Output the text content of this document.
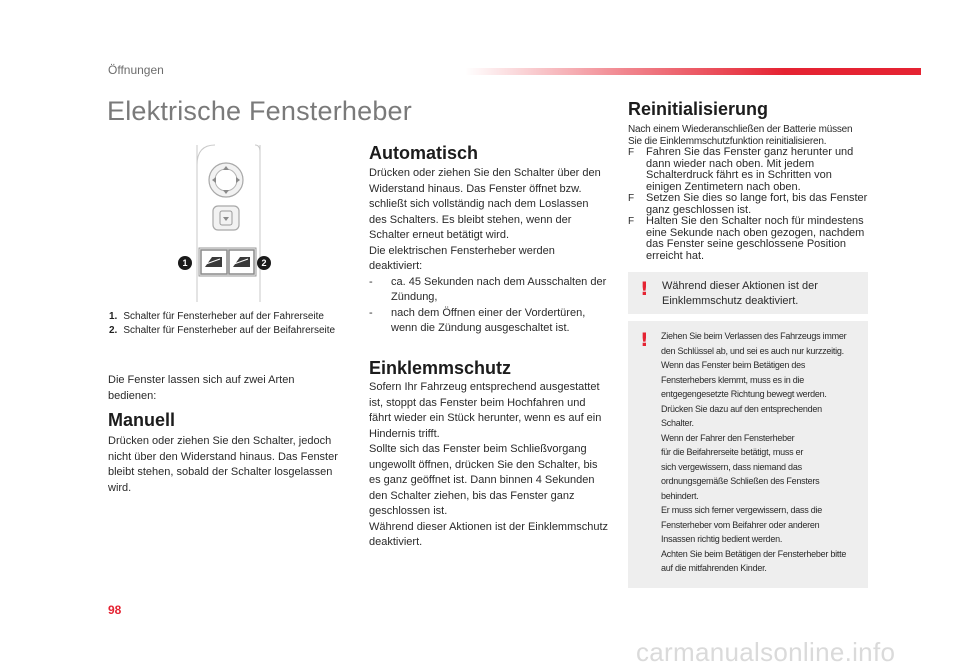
Öffnungen
Elektrische Fensterheber
1	2
1. Schalter für Fensterheber auf der Fahrerseite
2. Schalter für Fensterheber auf der Beifahrerseite
Die Fenster lassen sich auf zwei Arten bedienen:
Manuell
Drücken oder ziehen Sie den Schalter, jedoch nicht über den Widerstand hinaus. Das Fenster bleibt stehen, sobald der Schalter losgelassen wird.
Automatisch
Drücken oder ziehen Sie den Schalter über den Widerstand hinaus. Das Fenster öffnet bzw. schließt sich vollständig nach dem Loslassen des Schalters. Es bleibt stehen, wenn der Schalter erneut betätigt wird.
Die elektrischen Fensterheber werden deaktiviert:
- ca. 45 Sekunden nach dem Ausschalten der Zündung,
- nach dem Öffnen einer der Vordertüren, wenn die Zündung ausgeschaltet ist.
Einklemmschutz
Sofern Ihr Fahrzeug entsprechend ausgestattet ist, stoppt das Fenster beim Hochfahren und fährt wieder ein Stück herunter, wenn es auf ein Hindernis trifft.
Sollte sich das Fenster beim Schließvorgang ungewollt öffnen, drücken Sie den Schalter, bis es ganz geöffnet ist. Dann binnen 4 Sekunden den Schalter ziehen, bis das Fenster ganz geschlossen ist.
Während dieser Aktionen ist der Einklemmschutz deaktiviert.
Reinitialisierung
Nach einem Wiederanschließen der Batterie müssen Sie die Einklemmschutzfunktion reinitialisieren.
F Fahren Sie das Fenster ganz herunter und dann wieder nach oben. Mit jedem Schalterdruck fährt es in Schritten von einigen Zentimetern nach oben.
F Setzen Sie dies so lange fort, bis das Fenster ganz geschlossen ist.
F Halten Sie den Schalter noch für mindestens eine Sekunde nach oben gezogen, nachdem das Fenster seine geschlossene Position erreicht hat.
! Während dieser Aktionen ist der Einklemmschutz deaktiviert.
! Ziehen Sie beim Verlassen des Fahrzeugs immer
den Schlüssel ab, und sei es auch nur kurzzeitig.
Wenn das Fenster beim Betätigen des
Fensterhebers klemmt, muss es in die
entgegengesetzte Richtung bewegt werden.
Drücken Sie dazu auf den entsprechenden
Schalter.
Wenn der Fahrer den Fensterheber
für die Beifahrerseite betätigt, muss er
sich vergewissern, dass niemand das
ordnungsgemäße Schließen des Fensters
behindert.
Er muss sich ferner vergewissern, dass die
Fensterheber vom Beifahrer oder anderen
Insassen richtig bedient werden.
Achten Sie beim Betätigen der Fensterheber bitte
auf die mitfahrenden Kinder.
98
carmanualsonline.info
